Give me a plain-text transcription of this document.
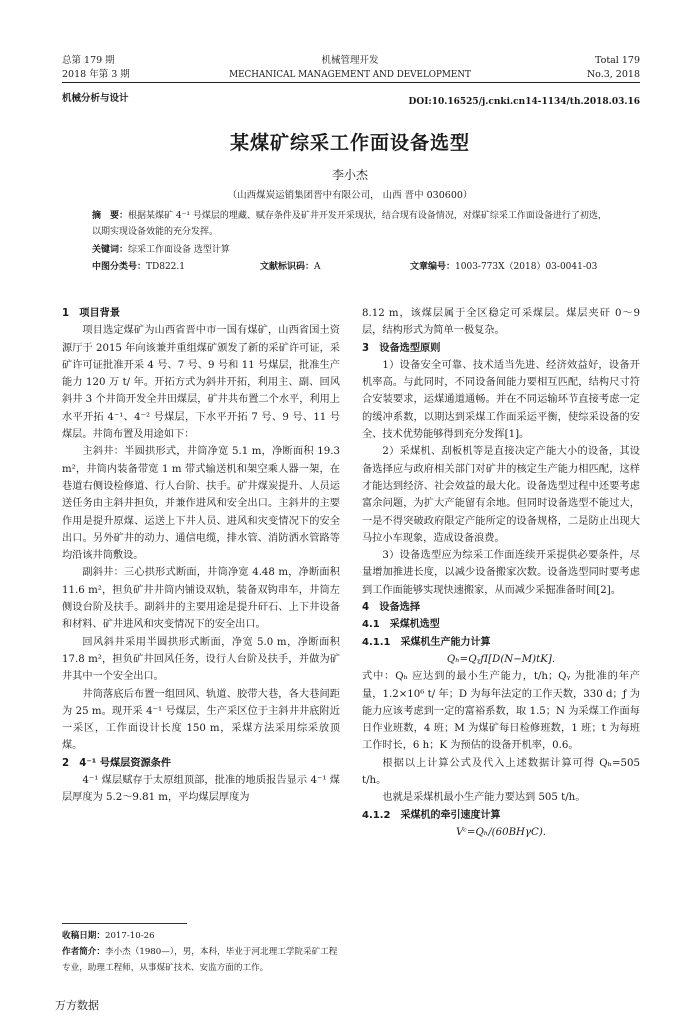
总第 179 期
2018 年第 3 期
机械管理开发
MECHANICAL MANAGEMENT AND DEVELOPMENT
Total 179
No.3, 2018
机械分析与设计	DOI:10.16525/j.cnki.cn14-1134/th.2018.03.16
某煤矿综采工作面设备选型
李小杰
（山西煤炭运销集团晋中有限公司， 山西 晋中 030600）
摘　要：根据某煤矿 4⁻¹ 号煤层的埋藏、赋存条件及矿井开发开采现状，结合现有设备情况，对煤矿综采工作面设备进行了初选，以期实现设备效能的充分发挥。
关键词：综采工作面设备 选型计算
中图分类号：TD822.1	文献标识码：A	文章编号：1003-773X（2018）03-0041-03
1　项目背景

项目选定煤矿为山西省晋中市一国有煤矿，山西省国土资源厅于 2015 年向该兼并重组煤矿颁发了新的采矿许可证，采矿许可证批准开采 4 号、7 号、9 号和 11 号煤层，批准生产能力 120 万 t/ 年。开拓方式为斜井开拓，利用主、副、回风斜井 3 个井筒开发全井田煤层，矿井共布置二个水平，利用上水平开拓 4⁻¹、4⁻² 号煤层，下水平开拓 7 号、9 号、11 号煤层。井筒布置及用途如下：

主斜井：半圆拱形式，井筒净宽 5.1 m，净断面积 19.3 m²，井筒内装备带宽 1 m 带式输送机和架空乘人器一架，在巷道右侧设检修道、行人台阶、扶手。矿井煤炭提升、人员运送任务由主斜井担负，并兼作进风和安全出口。主斜井的主要作用是提升原煤、运送上下井人员、进风和灾变情况下的安全出口。另外矿井的动力、通信电缆，排水管、消防洒水管路等均沿该井筒敷设。

副斜井：三心拱形式断面，井筒净宽 4.48 m，净断面积 11.6 m²，担负矿井井筒内铺设双轨，装备双钩串车，井筒左侧设台阶及扶手。副斜井的主要用途是提升矸石、上下井设备和材料、矿井进风和灾变情况下的安全出口。

回风斜井采用半圆拱形式断面，净宽 5.0 m，净断面积 17.8 m²，担负矿井回风任务，设行人台阶及扶手，并做为矿井其中一个安全出口。

井筒落底后布置一组回风、轨道、胶带大巷，各大巷间距为 25 m。现开采 4⁻¹ 号煤层，生产采区位于主斜井井底附近一采区，工作面设计长度 150 m，采煤方法采用综采放顶煤。

2　4⁻¹ 号煤层资源条件

4⁻¹ 煤层赋存于太原组顶部，批准的地质报告显示 4⁻¹ 煤层厚度为 5.2～9.81 m，平均煤层厚度为

收稿日期：2017-10-26
作者简介：李小杰（1980—），男，本科，毕业于河北理工学院采矿工程专业，助理工程师，从事煤矿技术、安监方面的工作。

8.12 m，该煤层属于全区稳定可采煤层。煤层夹矸 0～9 层，结构形式为简单一极复杂。

3　设备选型原则

1）设备安全可靠、技术适当先进、经济效益好，设备开机率高。与此同时，不同设备间能力要相互匹配，结构尺寸符合安装要求，运煤通道通畅。并在不同运输环节直接考虑一定的缓冲系数，以期达到采煤工作面采运平衡，使综采设备的安全、技术优势能够得到充分发挥[1]。

2）采煤机、刮板机等是直接决定产能大小的设备，其设备选择应与政府相关部门对矿井的核定生产能力相匹配，这样才能达到经济、社会效益的最大化。设备选型过程中还要考虑富余问题，为扩大产能留有余地。但同时设备选型不能过大，一是不得突破政府限定产能所定的设备规格，二是防止出现大马拉小车现象，造成设备浪费。

3）设备选型应为综采工作面连续开采提供必要条件，尽量增加推进长度，以减少设备搬家次数。设备选型同时要考虑到工作面能够实现快速搬家，从而减少采掘准备时间[2]。

4　设备选择
4.1　采煤机选型
4.1.1　采煤机生产能力计算

Qₕ=QᵧƒI[D(N−M)tK].

式中：Qₕ 应达到的最小生产能力，t/h；Qᵧ 为批准的年产量，1.2×10⁶ t/ 年；D 为每年法定的工作天数，330 d；ƒ 为能力应该考虑到一定的富裕系数，取 1.5；N 为采煤工作面每日作业班数，4 班；M 为煤矿每日检修班数，1 班；t 为每班工作时长，6 h；K 为预估的设备开机率，0.6。

根据以上计算公式及代入上述数据计算可得 Qₕ=505 t/h。

也就是采煤机最小生产能力要达到 505 t/h。

4.1.2　采煤机的牵引速度计算

Vᶜ=Qₕ/(60BHγC).

万方数据
